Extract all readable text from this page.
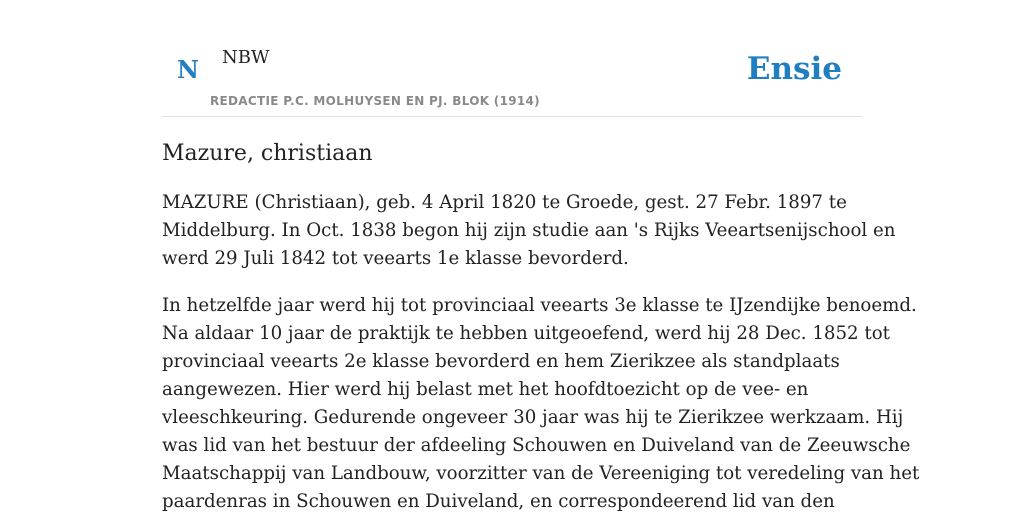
N NBW
REDACTIE P.C. MOLHUYSEN EN PJ. BLOK (1914)
Ensie
Mazure, christiaan

MAZURE (Christiaan), geb. 4 April 1820 te Groede, gest. 27 Febr. 1897 te
Middelburg. In Oct. 1838 begon hij zijn studie aan 's Rijks Veeartsenijschool en
werd 29 Juli 1842 tot veearts 1e klasse bevorderd.

In hetzelfde jaar werd hij tot provinciaal veearts 3e klasse te IJzendijke benoemd.
Na aldaar 10 jaar de praktijk te hebben uitgeoefend, werd hij 28 Dec. 1852 tot
provinciaal veearts 2e klasse bevorderd en hem Zierikzee als standplaats
aangewezen. Hier werd hij belast met het hoofdtoezicht op de vee- en
vleeschkeuring. Gedurende ongeveer 30 jaar was hij te Zierikzee werkzaam. Hij
was lid van het bestuur der afdeeling Schouwen en Duiveland van de Zeeuwsche
Maatschappij van Landbouw, voorzitter van de Vereeniging tot veredeling van het
paardenras in Schouwen en Duiveland, en correspondeerend lid van den
